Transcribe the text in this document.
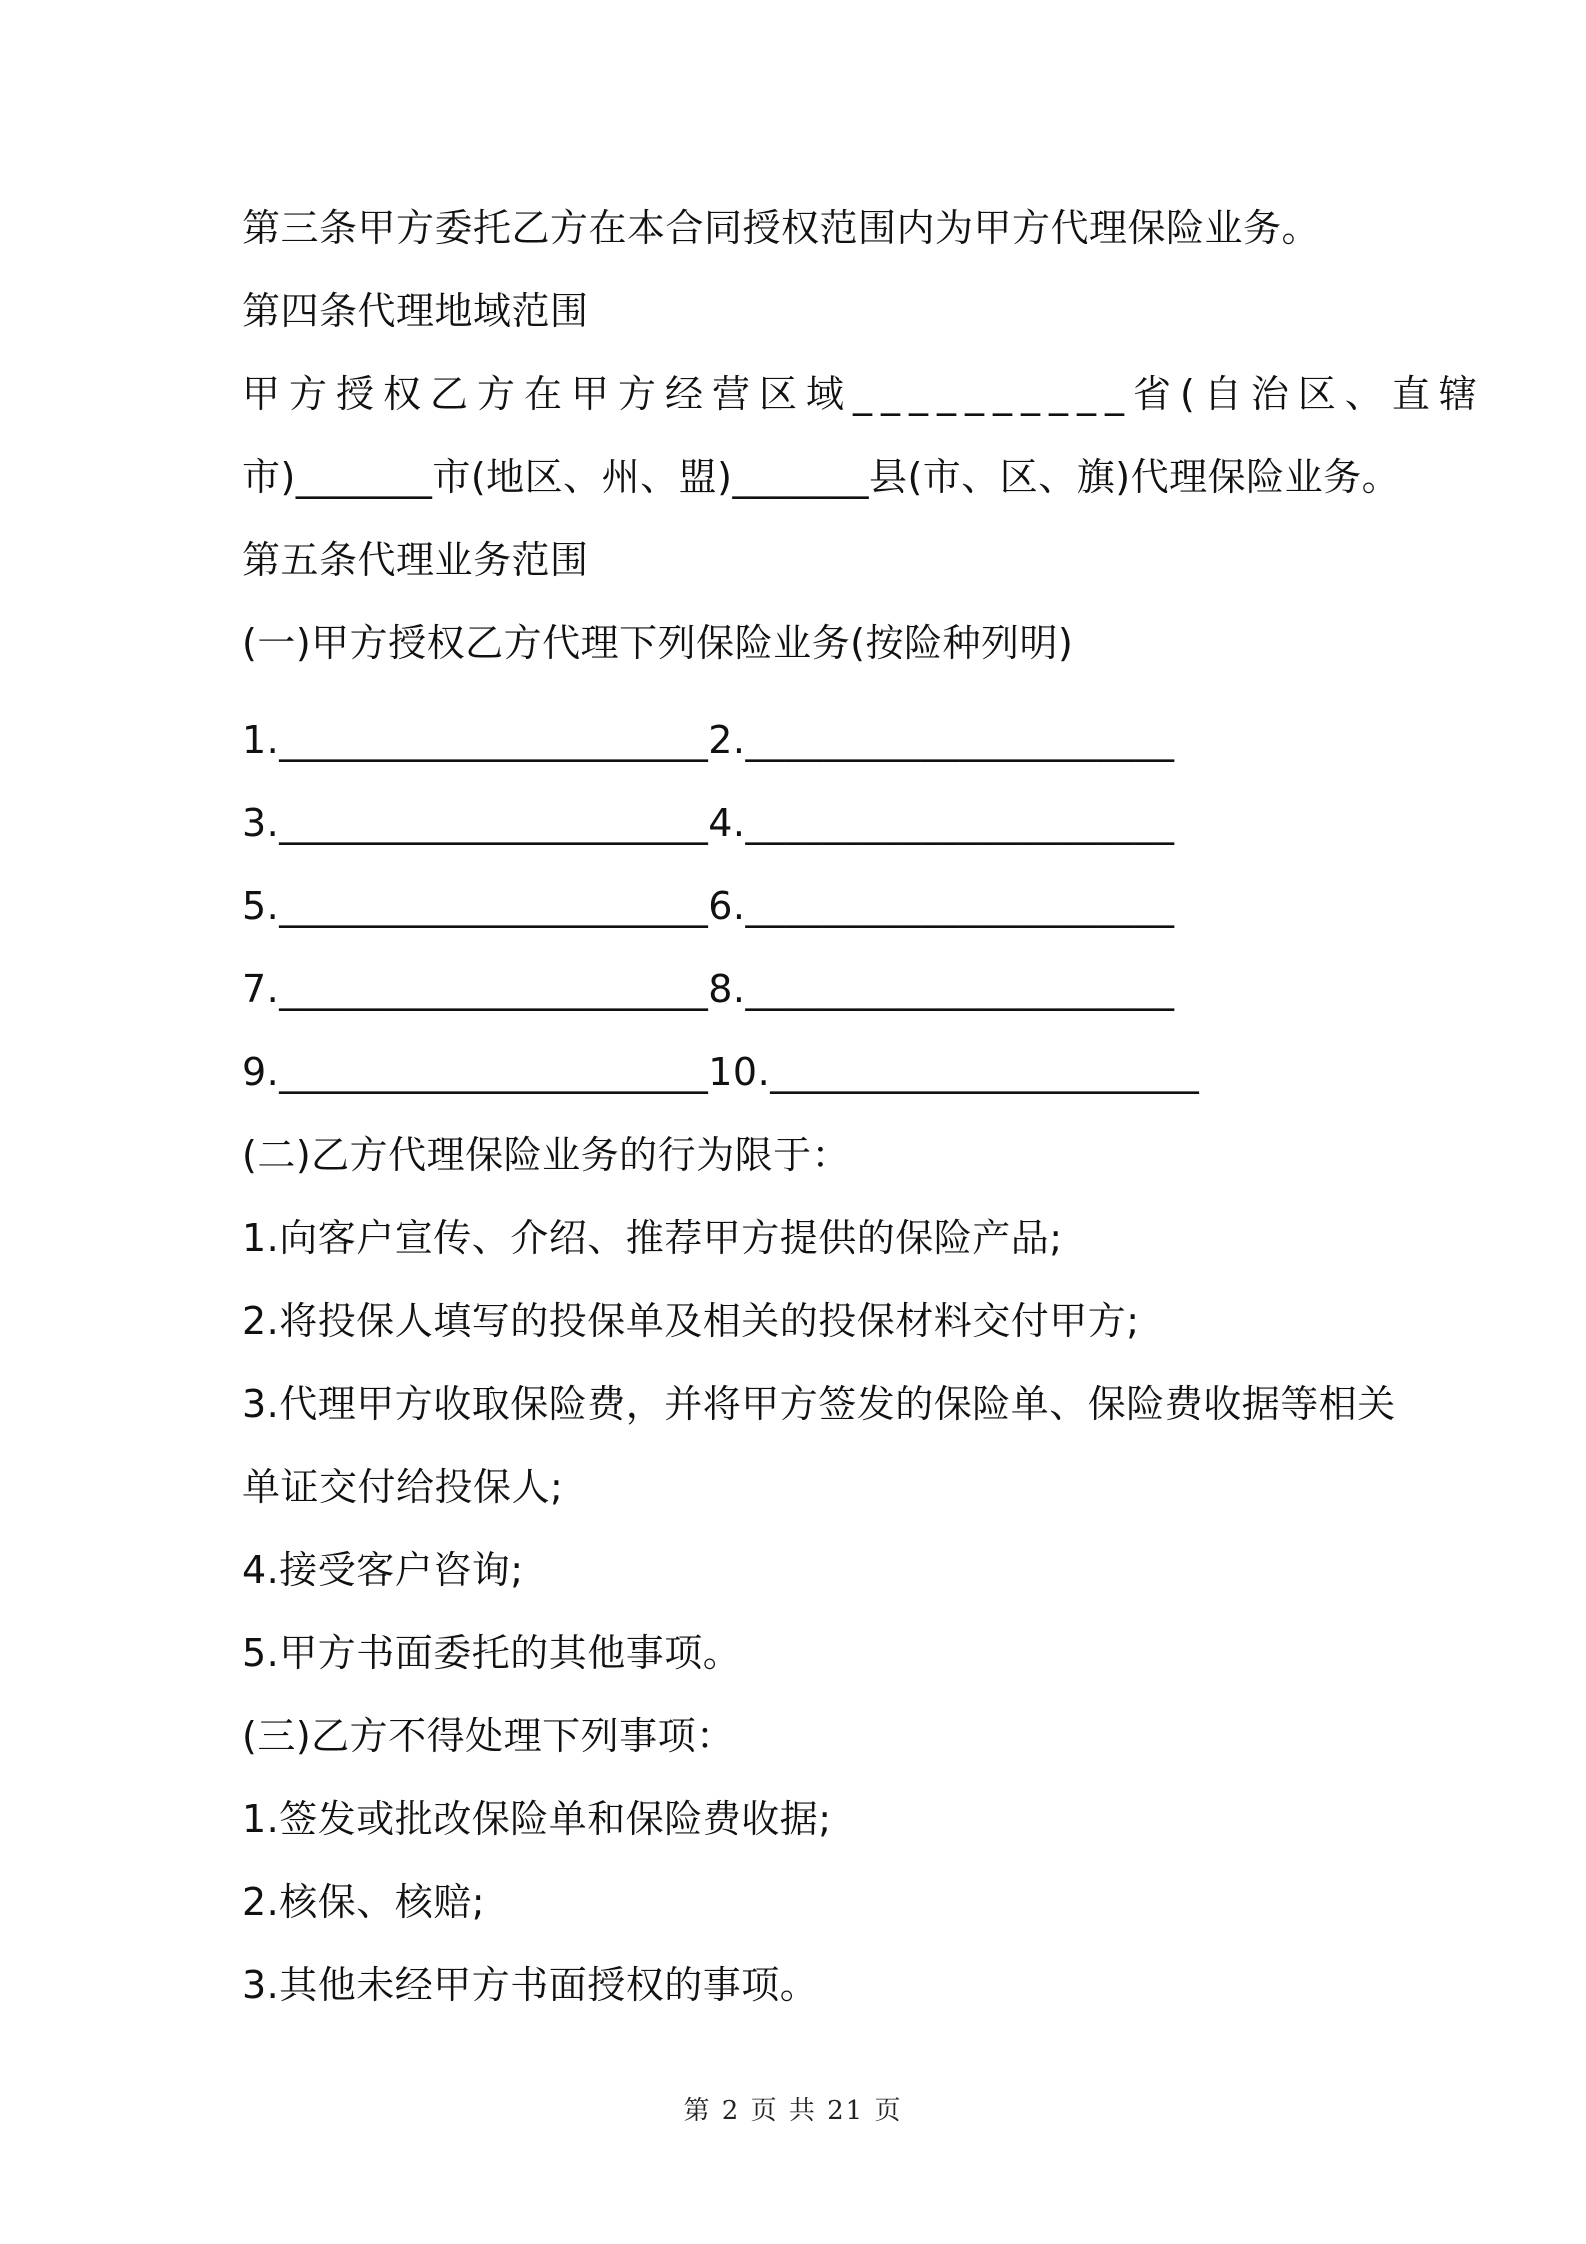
第三条甲方委托乙方在本合同授权范围内为甲方代理保险业务。
第四条代理地域范围
甲方授权乙方在甲方经营区域__________省(自治区、直辖
市)_______市(地区、州、盟)_______县(市、区、旗)代理保险业务。
第五条代理业务范围
(一)甲方授权乙方代理下列保险业务(按险种列明)
1.______________________2.______________________
3.______________________4.______________________
5.______________________6.______________________
7.______________________8.______________________
9.______________________10.______________________
(二)乙方代理保险业务的行为限于：
1.向客户宣传、介绍、推荐甲方提供的保险产品;
2.将投保人填写的投保单及相关的投保材料交付甲方;
3.代理甲方收取保险费，并将甲方签发的保险单、保险费收据等相关
单证交付给投保人;
4.接受客户咨询;
5.甲方书面委托的其他事项。
(三)乙方不得处理下列事项：
1.签发或批改保险单和保险费收据;
2.核保、核赔;
3.其他未经甲方书面授权的事项。
第 2 页 共 21 页
